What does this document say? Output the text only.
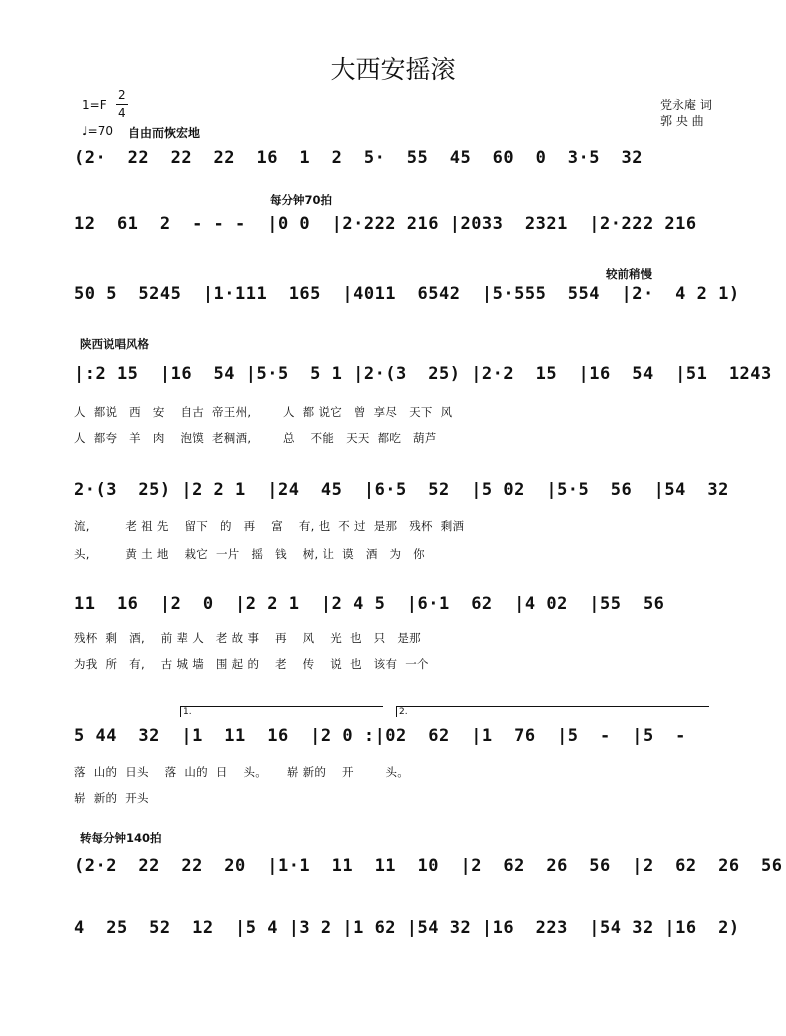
大西安摇滚
1=F
2
4
♩=70 自由而恢宏地
党永庵 词
郭 央 曲
(2·  22  22  22  16  1  2  5·  55  45  60  0  3·5  32
每分钟70拍
12  61  2  - - -  |0 0  |2·222 216 |2033  2321  |2·222 216
较前稍慢
50 5  5245  |1·111  165  |4011  6542  |5·555  554  |2·  4 2 1)
陕西说唱风格
|:2 15  |16  54 |5·5  5 1 |2·(3  25) |2·2  15  |16  54  |51  1243
人  都说   西   安    自古  帝王州,        人  都 说它   曾  享尽   天下  风
人  都夸   羊   肉    泡馍  老稠酒,        总    不能   天天  都吃   葫芦
2·(3  25) |2 2 1  |24  45  |6·5  52  |5 02  |5·5  56  |54  32
流,         老 祖 先    留下   的   再    富    有, 也  不 过  是那   残杯  剩酒
头,         黄 土 地    栽它  一片   摇   钱    树, 让  谟   酒   为   你
11  16  |2  0  |2 2 1  |2 4 5  |6·1  62  |4 02  |55  56
残杯  剩   酒,    前 辈 人   老 故 事    再    风    光  也   只   是那
为我  所   有,    古 城 墙   围 起 的    老    传    说  也   该有  一个
1.	2.
5 44  32  |1  11  16  |2 0 :|02  62  |1  76  |5  -  |5  -
落  山的  日头    落  山的  日    头。     崭 新的    开        头。
崭  新的  开头
转每分钟140拍
(2·2  22  22  20  |1·1  11  11  10  |2  62  26  56  |2  62  26  56
4  25  52  12  |5 4 |3 2 |1 62 |54 32 |16  223  |54 32 |16  2)
